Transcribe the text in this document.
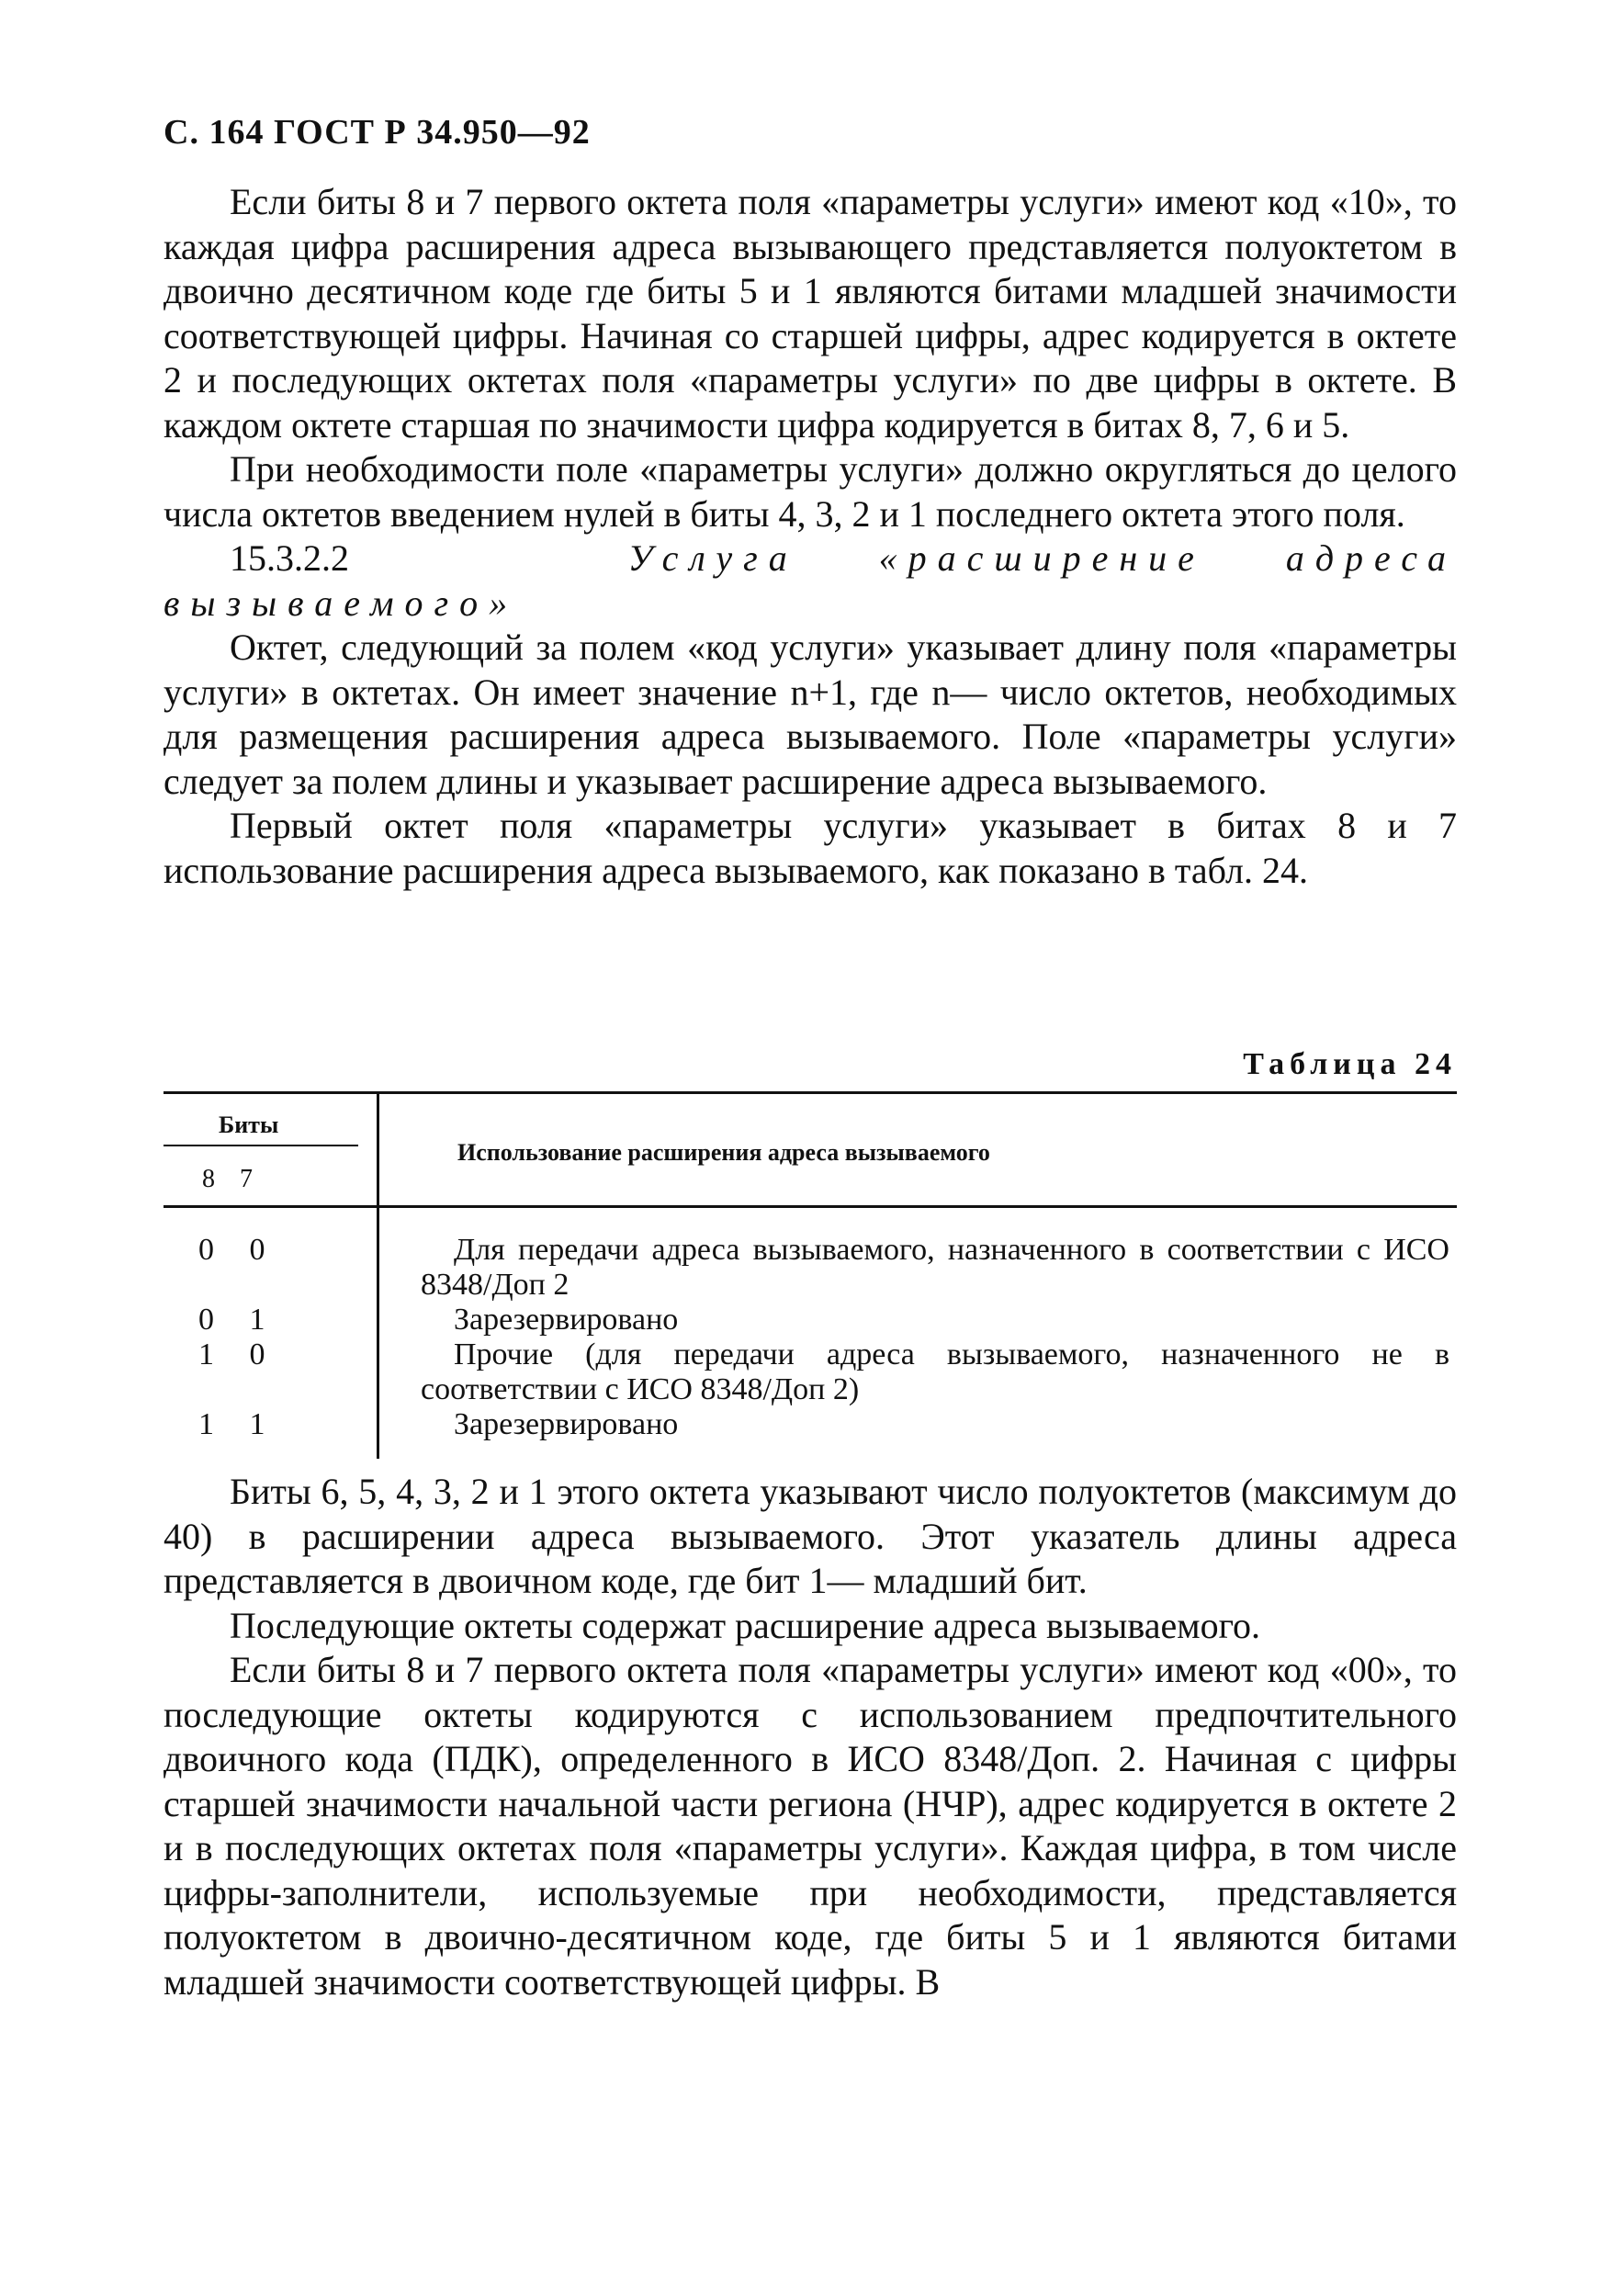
С. 164 ГОСТ Р 34.950—92

Если биты 8 и 7 первого октета поля «параметры услуги» имеют код «10», то каждая цифра расширения адреса вызывающего представляется полуоктетом в двоично десятичном коде где биты 5 и 1 являются битами младшей значимости соответствующей цифры. Начиная со старшей цифры, адрес кодируется в октете 2 и последующих октетах поля «параметры услуги» по две цифры в октете. В каждом октете старшая по значимости цифра кодируется в битах 8, 7, 6 и 5.

При необходимости поле «параметры услуги» должно округляться до целого числа октетов введением нулей в биты 4, 3, 2 и 1 последнего октета этого поля.

15.3.2.2	Услуга «расширение адреса вызываемого»

Октет, следующий за полем «код услуги» указывает длину поля «параметры услуги» в октетах. Он имеет значение n+1, где n— число октетов, необходимых для размещения расширения адреса вызываемого. Поле «параметры услуги» следует за полем длины и указывает расширение адреса вызываемого.

Первый октет поля «параметры услуги» указывает в битах 8 и 7 использование расширения адреса вызываемого, как показано в табл. 24.

Таблица 24
Биты
8 7
Использование расширения адреса вызываемого
0 0	Для передачи адреса вызываемого, назначенного в соответствии с ИСО 8348/Доп 2
0 1	Зарезервировано
1 0	Прочие (для передачи адреса вызываемого, назначенного не в соответствии с ИСО 8348/Доп 2)
1 1	Зарезервировано

Биты 6, 5, 4, 3, 2 и 1 этого октета указывают число полуоктетов (максимум до 40) в расширении адреса вызываемого. Этот указатель длины адреса представляется в двоичном коде, где бит 1— младший бит.

Последующие октеты содержат расширение адреса вызываемого.

Если биты 8 и 7 первого октета поля «параметры услуги» имеют код «00», то последующие октеты кодируются с использованием предпочтительного двоичного кода (ПДК), определенного в ИСО 8348/Доп. 2. Начиная с цифры старшей значимости начальной части региона (НЧР), адрес кодируется в октете 2 и в последующих октетах поля «параметры услуги». Каждая цифра, в том числе цифры-заполнители, используемые при необходимости, представляется полуоктетом в двоично-десятичном коде, где биты 5 и 1 являются битами младшей значимости соответствующей цифры. В
